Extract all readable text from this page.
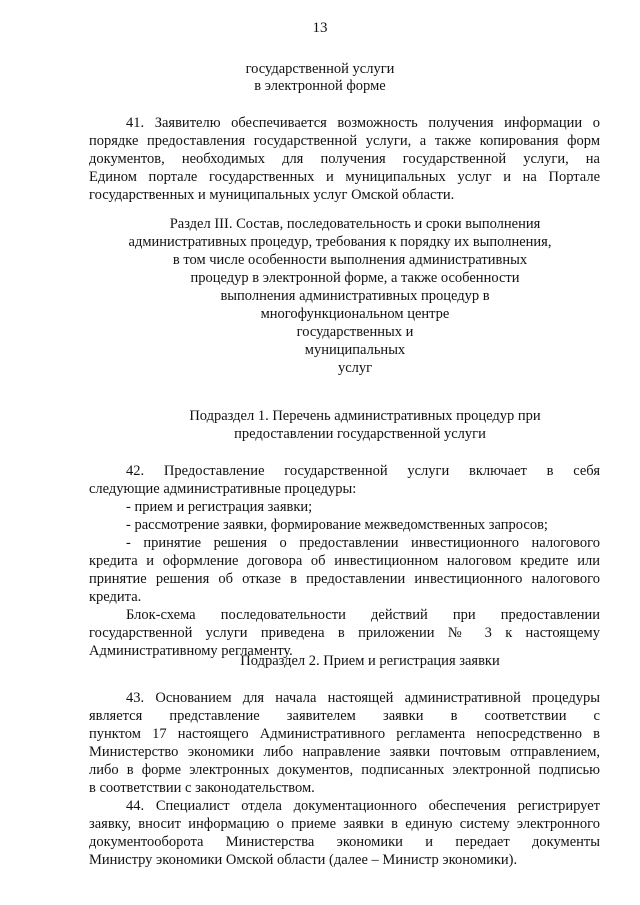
13
государственной услуги
в электронной форме
41. Заявителю обеспечивается возможность получения информации о
порядке предоставления государственной услуги, а также копирования форм
документов, необходимых для получения государственной услуги, на
Едином портале государственных и муниципальных услуг и на Портале
государственных и муниципальных услуг Омской области.
Раздел III. Состав, последовательность и сроки выполнения
административных процедур, требования к порядку их выполнения,
в том числе особенности выполнения административных
процедур в электронной форме, а также особенности
выполнения административных процедур в
многофункциональном центре
государственных и
муниципальных
услуг
Подраздел 1. Перечень административных процедур при
предоставлении государственной услуги
42. Предоставление государственной услуги включает в себя
следующие административные процедуры:
- прием и регистрация заявки;
- рассмотрение заявки, формирование межведомственных запросов;
- принятие решения о предоставлении инвестиционного налогового
кредита и оформление договора об инвестиционном налоговом кредите или
принятие решения об отказе в предоставлении инвестиционного налогового
кредита.
Блок-схема последовательности действий при предоставлении
государственной услуги приведена в приложении № 3 к настоящему
Административному регламенту.
Подраздел 2. Прием и регистрация заявки
43. Основанием для начала настоящей административной процедуры
является представление заявителем заявки в соответствии с
пунктом 17 настоящего Административного регламента непосредственно в
Министерство экономики либо направление заявки почтовым отправлением,
либо в форме электронных документов, подписанных электронной подписью
в соответствии с законодательством.
44. Специалист отдела документационного обеспечения регистрирует
заявку, вносит информацию о приеме заявки в единую систему электронного
документооборота Министерства экономики и передает документы
Министру экономики Омской области (далее – Министр экономики).
